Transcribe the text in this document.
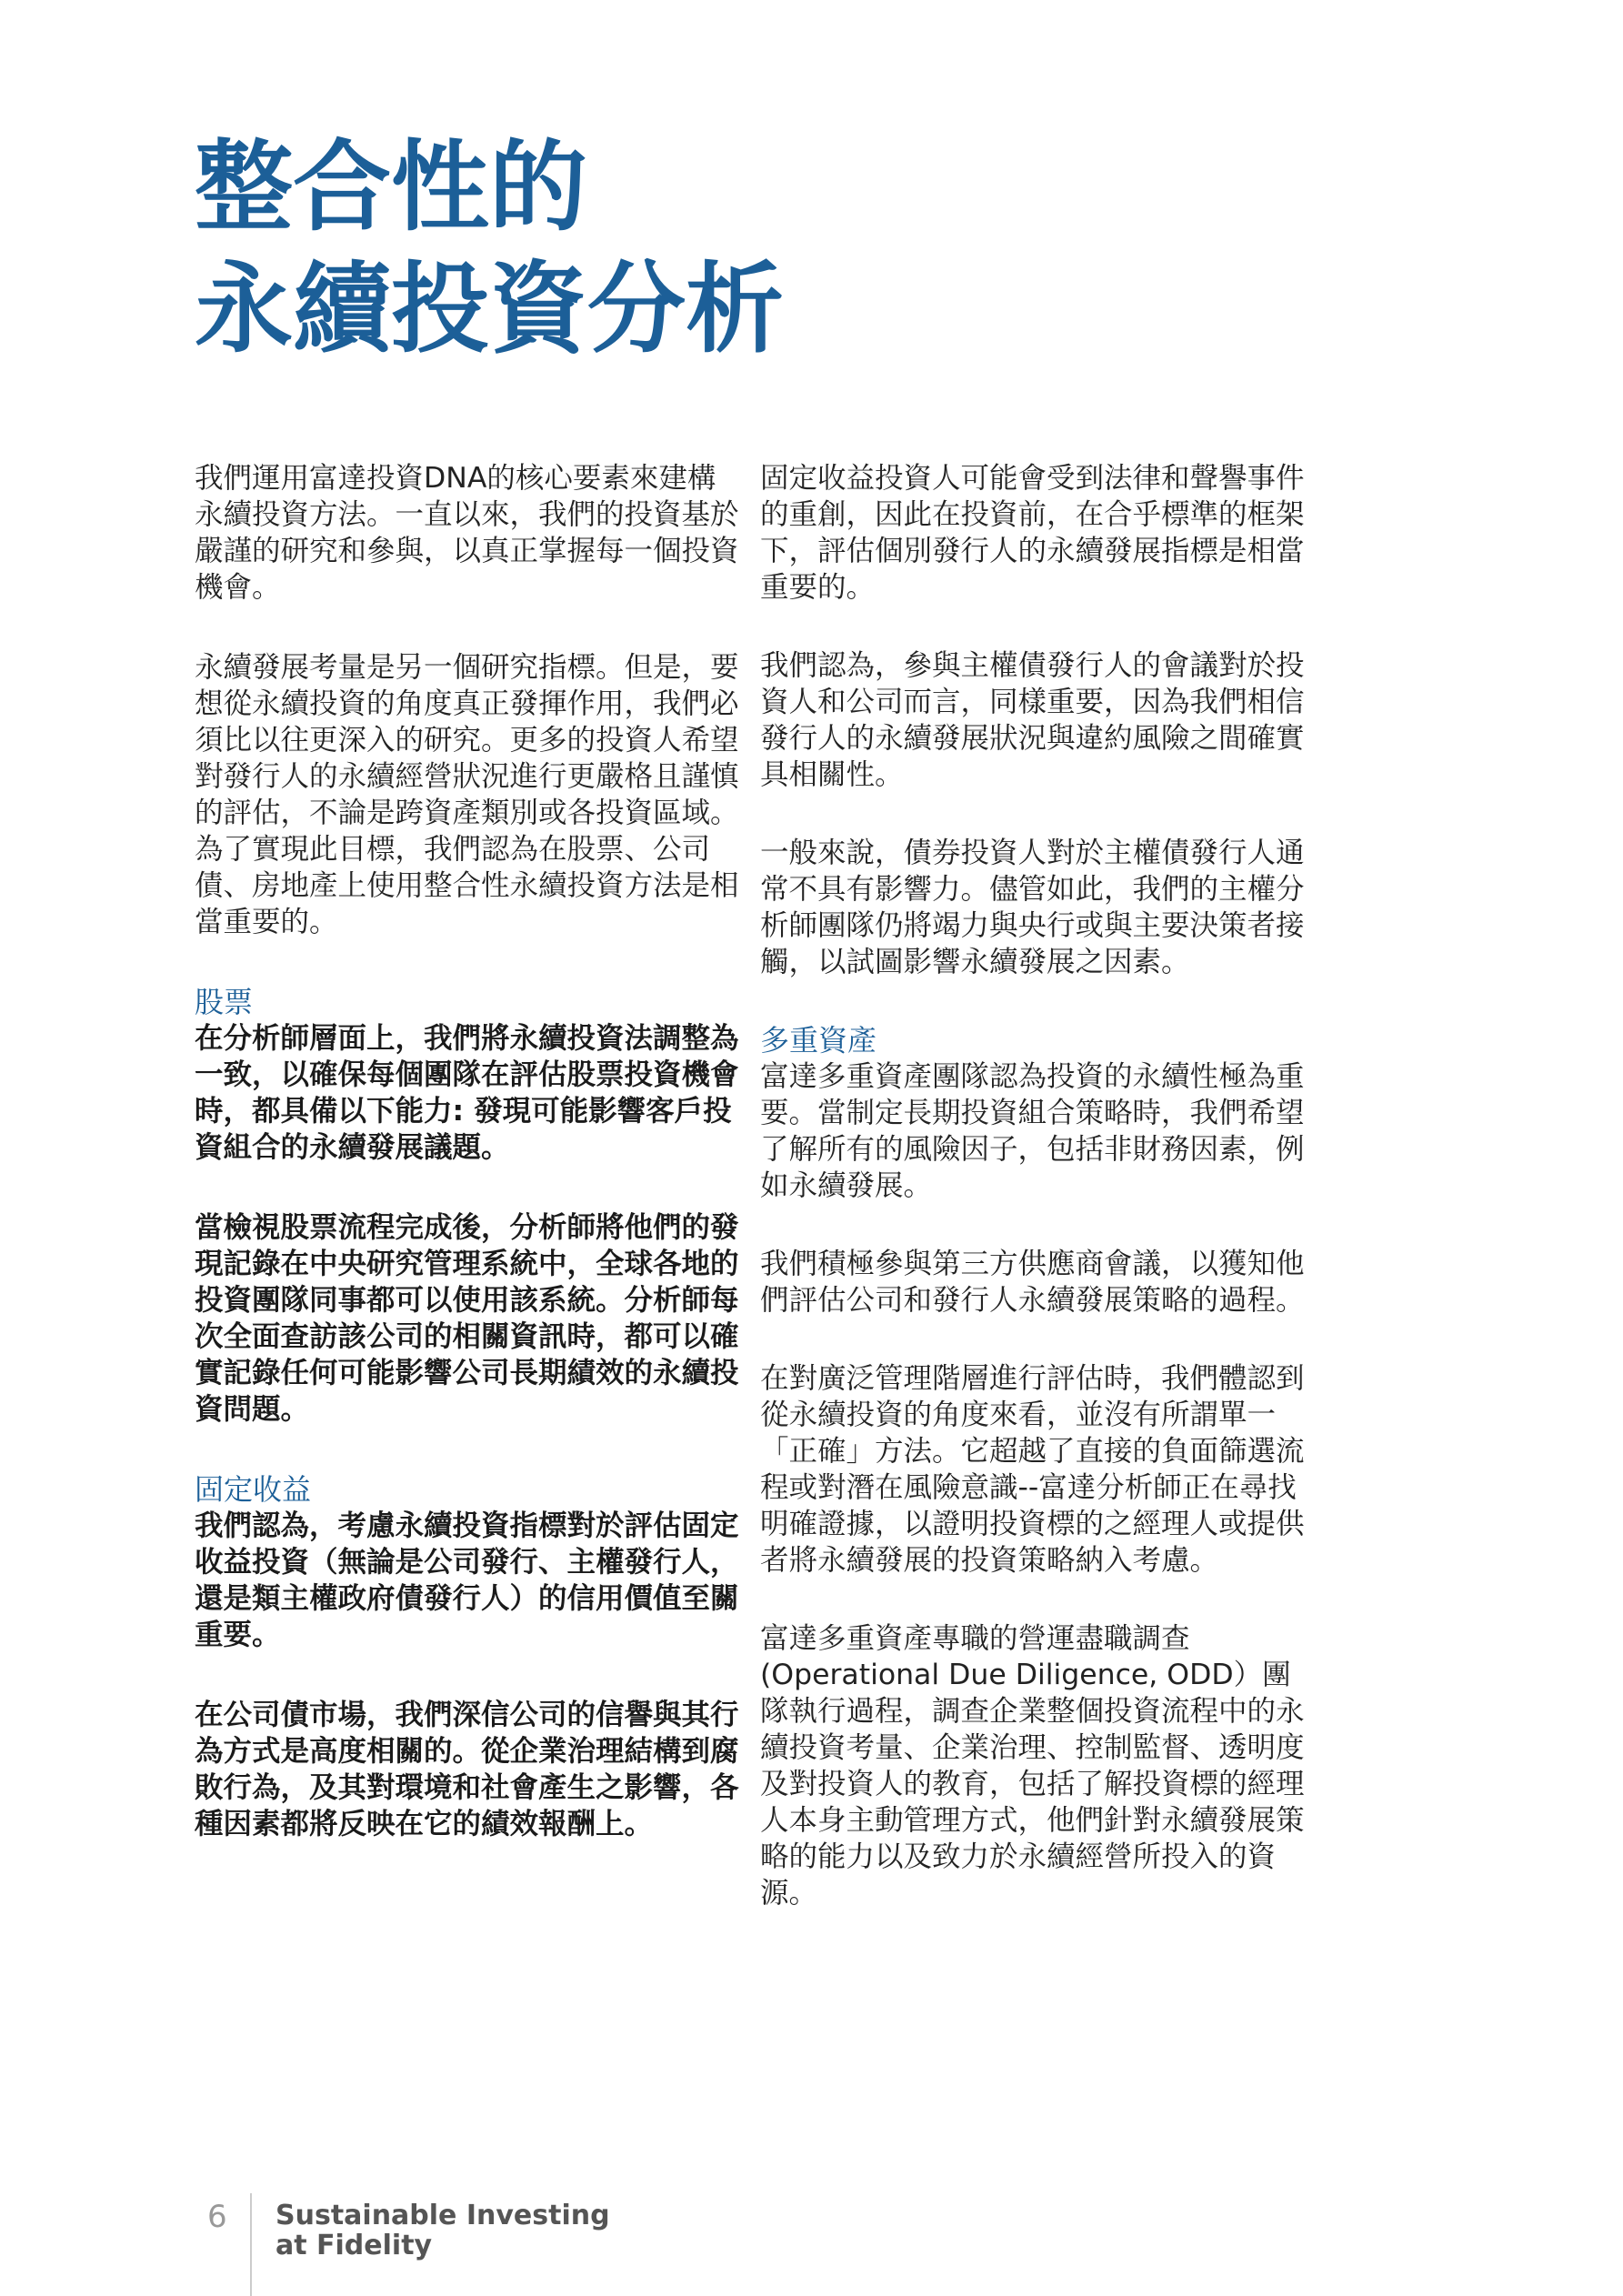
整合性的
永續投資分析

我們運用富達投資DNA的核心要素來建構永續投資方法。一直以來，我們的投資基於嚴謹的研究和參與，以真正掌握每一個投資機會。

永續發展考量是另一個研究指標。但是，要想從永續投資的角度真正發揮作用，我們必須比以往更深入的研究。更多的投資人希望對發行人的永續經營狀況進行更嚴格且謹慎的評估，不論是跨資產類別或各投資區域。為了實現此目標，我們認為在股票、公司債、房地產上使用整合性永續投資方法是相當重要的。

股票

在分析師層面上，我們將永續投資法調整為一致，以確保每個團隊在評估股票投資機會時，都具備以下能力: 發現可能影響客戶投資組合的永續發展議題。

當檢視股票流程完成後，分析師將他們的發現記錄在中央研究管理系統中，全球各地的投資團隊同事都可以使用該系統。分析師每次全面查訪該公司的相關資訊時，都可以確實記錄任何可能影響公司長期績效的永續投資問題。

固定收益

我們認為，考慮永續投資指標對於評估固定收益投資（無論是公司發行、主權發行人，還是類主權政府債發行人）的信用價值至關重要。

在公司債市場，我們深信公司的信譽與其行為方式是高度相關的。從企業治理結構到腐敗行為，及其對環境和社會產生之影響，各種因素都將反映在它的績效報酬上。

固定收益投資人可能會受到法律和聲譽事件的重創，因此在投資前，在合乎標準的框架下，評估個別發行人的永續發展指標是相當重要的。

我們認為，參與主權債發行人的會議對於投資人和公司而言，同樣重要，因為我們相信發行人的永續發展狀況與違約風險之間確實具相關性。

一般來說，債券投資人對於主權債發行人通常不具有影響力。儘管如此，我們的主權分析師團隊仍將竭力與央行或與主要決策者接觸，以試圖影響永續發展之因素。

多重資產

富達多重資產團隊認為投資的永續性極為重要。當制定長期投資組合策略時，我們希望了解所有的風險因子，包括非財務因素，例如永續發展。

我們積極參與第三方供應商會議，以獲知他們評估公司和發行人永續發展策略的過程。

在對廣泛管理階層進行評估時，我們體認到從永續投資的角度來看，並沒有所謂單一「正確」方法。它超越了直接的負面篩選流程或對潛在風險意識--富達分析師正在尋找明確證據，以證明投資標的之經理人或提供者將永續發展的投資策略納入考慮。

富達多重資產專職的營運盡職調查(Operational Due Diligence, ODD）團隊執行過程，調查企業整個投資流程中的永續投資考量、企業治理、控制監督、透明度及對投資人的教育，包括了解投資標的經理人本身主動管理方式，他們針對永續發展策略的能力以及致力於永續經營所投入的資源。

6 Sustainable Investing
at Fidelity
